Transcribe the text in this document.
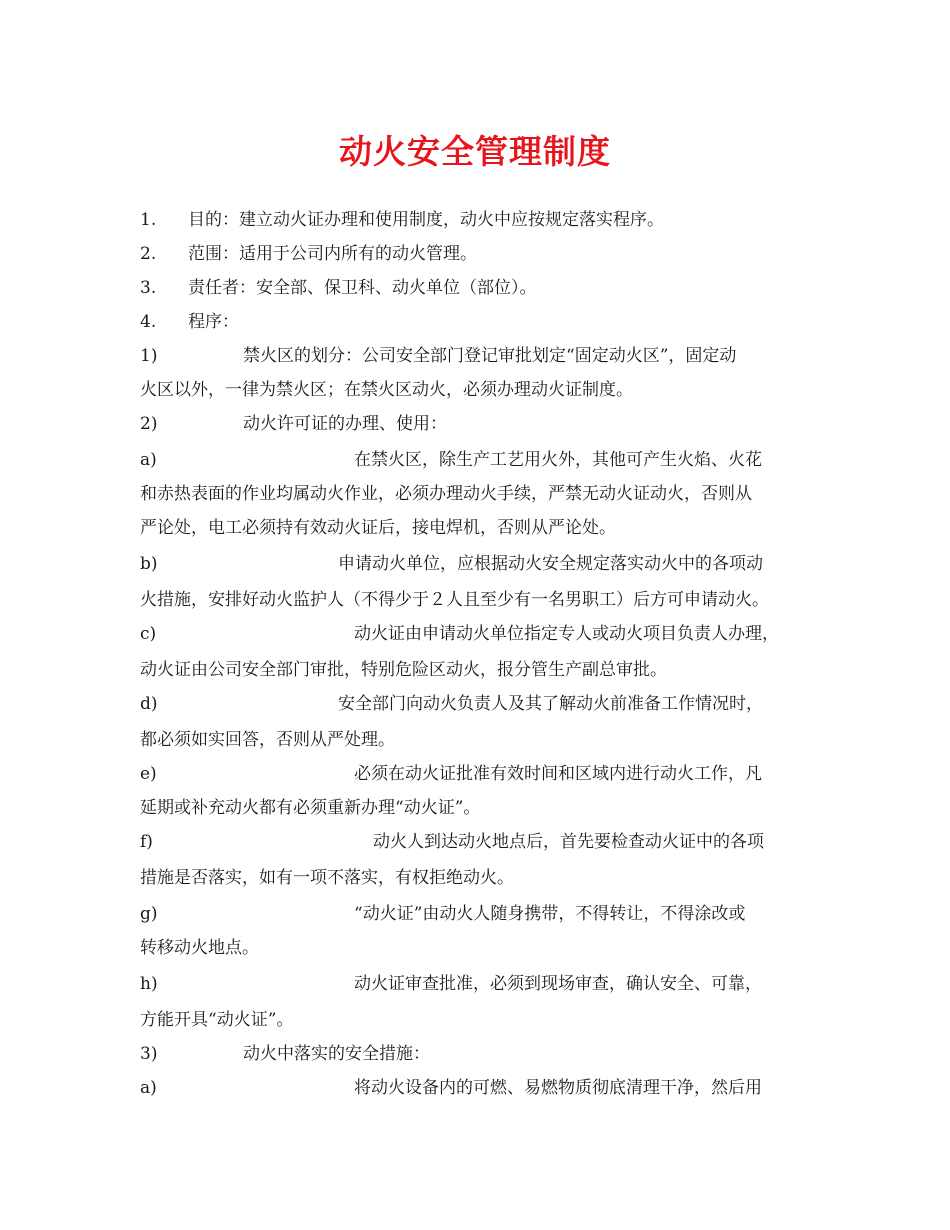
动火安全管理制度
1. 目的：建立动火证办理和使用制度，动火中应按规定落实程序。
2. 范围：适用于公司内所有的动火管理。
3. 责任者：安全部、保卫科、动火单位（部位）。
4. 程序：
1)	禁火区的划分：公司安全部门登记审批划定“固定动火区”，固定动
火区以外，一律为禁火区；在禁火区动火，必须办理动火证制度。
2)	动火许可证的办理、使用：
a)	在禁火区，除生产工艺用火外，其他可产生火焰、火花
和赤热表面的作业均属动火作业，必须办理动火手续，严禁无动火证动火，否则从
严论处，电工必须持有效动火证后，接电焊机，否则从严论处。
b)	申请动火单位，应根据动火安全规定落实动火中的各项动
火措施，安排好动火监护人（不得少于２人且至少有一名男职工）后方可申请动火。
c)	动火证由申请动火单位指定专人或动火项目负责人办理，
动火证由公司安全部门审批，特别危险区动火，报分管生产副总审批。
d)	安全部门向动火负责人及其了解动火前准备工作情况时，
都必须如实回答，否则从严处理。
e)	必须在动火证批准有效时间和区域内进行动火工作，凡
延期或补充动火都有必须重新办理“动火证”。
f)	动火人到达动火地点后，首先要检查动火证中的各项
措施是否落实，如有一项不落实，有权拒绝动火。
g)	“动火证”由动火人随身携带，不得转让，不得涂改或
转移动火地点。
h)	动火证审查批准，必须到现场审查，确认安全、可靠，
方能开具“动火证”。
3)	动火中落实的安全措施：
a)	将动火设备内的可燃、易燃物质彻底清理干净，然后用
